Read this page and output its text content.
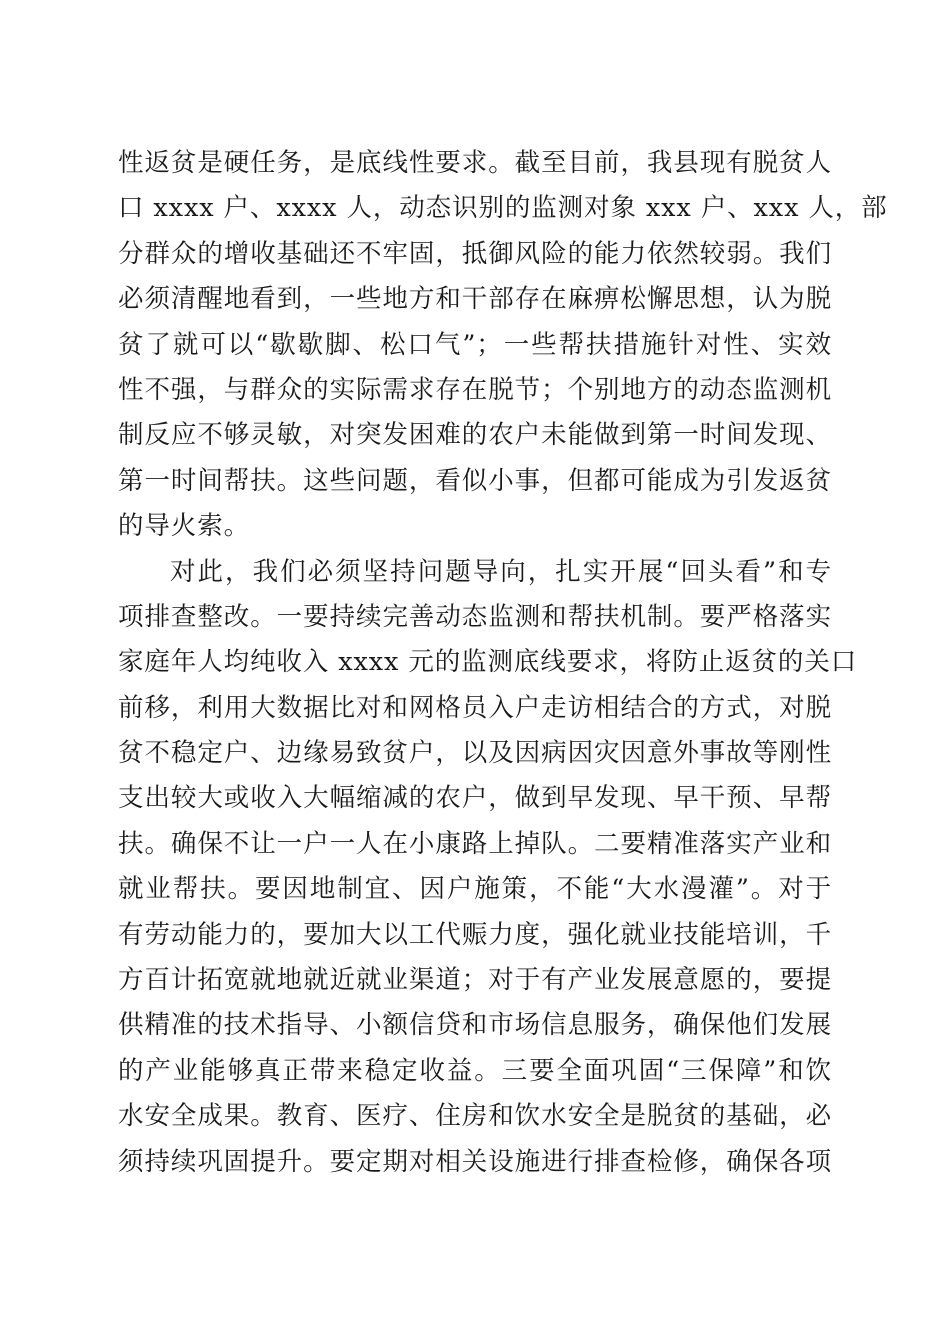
性返贫是硬任务，是底线性要求。截至目前，我县现有脱贫人
口 xxxx 户、xxxx 人，动态识别的监测对象 xxx 户、xxx 人，部
分群众的增收基础还不牢固，抵御风险的能力依然较弱。我们
必须清醒地看到，一些地方和干部存在麻痹松懈思想，认为脱
贫了就可以“歇歇脚、松口气”；一些帮扶措施针对性、实效
性不强，与群众的实际需求存在脱节；个别地方的动态监测机
制反应不够灵敏，对突发困难的农户未能做到第一时间发现、
第一时间帮扶。这些问题，看似小事，但都可能成为引发返贫
的导火索。
对此，我们必须坚持问题导向，扎实开展“回头看”和专
项排查整改。一要持续完善动态监测和帮扶机制。要严格落实
家庭年人均纯收入 xxxx 元的监测底线要求，将防止返贫的关口
前移，利用大数据比对和网格员入户走访相结合的方式，对脱
贫不稳定户、边缘易致贫户，以及因病因灾因意外事故等刚性
支出较大或收入大幅缩减的农户，做到早发现、早干预、早帮
扶。确保不让一户一人在小康路上掉队。二要精准落实产业和
就业帮扶。要因地制宜、因户施策，不能“大水漫灌”。对于
有劳动能力的，要加大以工代赈力度，强化就业技能培训，千
方百计拓宽就地就近就业渠道；对于有产业发展意愿的，要提
供精准的技术指导、小额信贷和市场信息服务，确保他们发展
的产业能够真正带来稳定收益。三要全面巩固“三保障”和饮
水安全成果。教育、医疗、住房和饮水安全是脱贫的基础，必
须持续巩固提升。要定期对相关设施进行排查检修，确保各项
